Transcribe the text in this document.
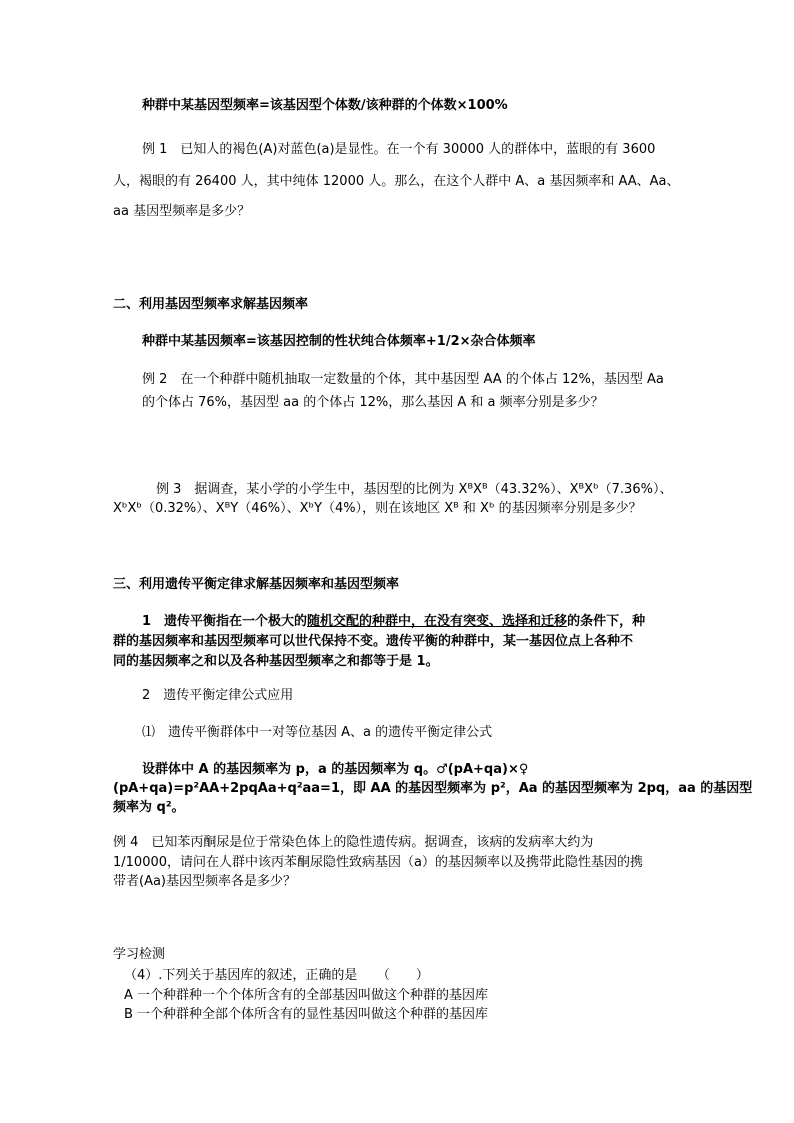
种群中某基因型频率=该基因型个体数/该种群的个体数×100%
例 1　已知人的褐色(A)对蓝色(a)是显性。在一个有 30000 人的群体中，蓝眼的有 3600
人，褐眼的有 26400 人，其中纯体 12000 人。那么，在这个人群中 A、a 基因频率和 AA、Aa、
aa 基因型频率是多少？
二、利用基因型频率求解基因频率
种群中某基因频率=该基因控制的性状纯合体频率+1/2×杂合体频率
例 2　在一个种群中随机抽取一定数量的个体，其中基因型 AA 的个体占 12%，基因型 Aa
的个体占 76%，基因型 aa 的个体占 12%，那么基因 A 和 a 频率分别是多少？
例 3　据调查，某小学的小学生中，基因型的比例为 XᴮXᴮ（43.32%）、XᴮXᵇ（7.36%）、
XᵇXᵇ（0.32%）、XᴮY（46%）、XᵇY（4%），则在该地区 Xᴮ 和 Xᵇ 的基因频率分别是多少？
三、利用遗传平衡定律求解基因频率和基因型频率
1　遗传平衡指在一个极大的随机交配的种群中，在没有突变、选择和迁移的条件下，种
群的基因频率和基因型频率可以世代保持不变。遗传平衡的种群中，某一基因位点上各种不
同的基因频率之和以及各种基因型频率之和都等于是 1。
2　遗传平衡定律公式应用
⑴　遗传平衡群体中一对等位基因 A、a 的遗传平衡定律公式
设群体中 A 的基因频率为 p，a 的基因频率为 q。♂(pA+qa)×♀
(pA+qa)=p²AA+2pqAa+q²aa=1，即 AA 的基因型频率为 p²，Aa 的基因型频率为 2pq，aa 的基因型
频率为 q²。
例 4　已知苯丙酮尿是位于常染色体上的隐性遗传病。据调查，该病的发病率大约为
1/10000，请问在人群中该丙苯酮尿隐性致病基因（a）的基因频率以及携带此隐性基因的携
带者(Aa)基因型频率各是多少？
学习检测
（4）.下列关于基因库的叙述，正确的是　　（　　）
A 一个种群种一个个体所含有的全部基因叫做这个种群的基因库
B 一个种群种全部个体所含有的显性基因叫做这个种群的基因库
